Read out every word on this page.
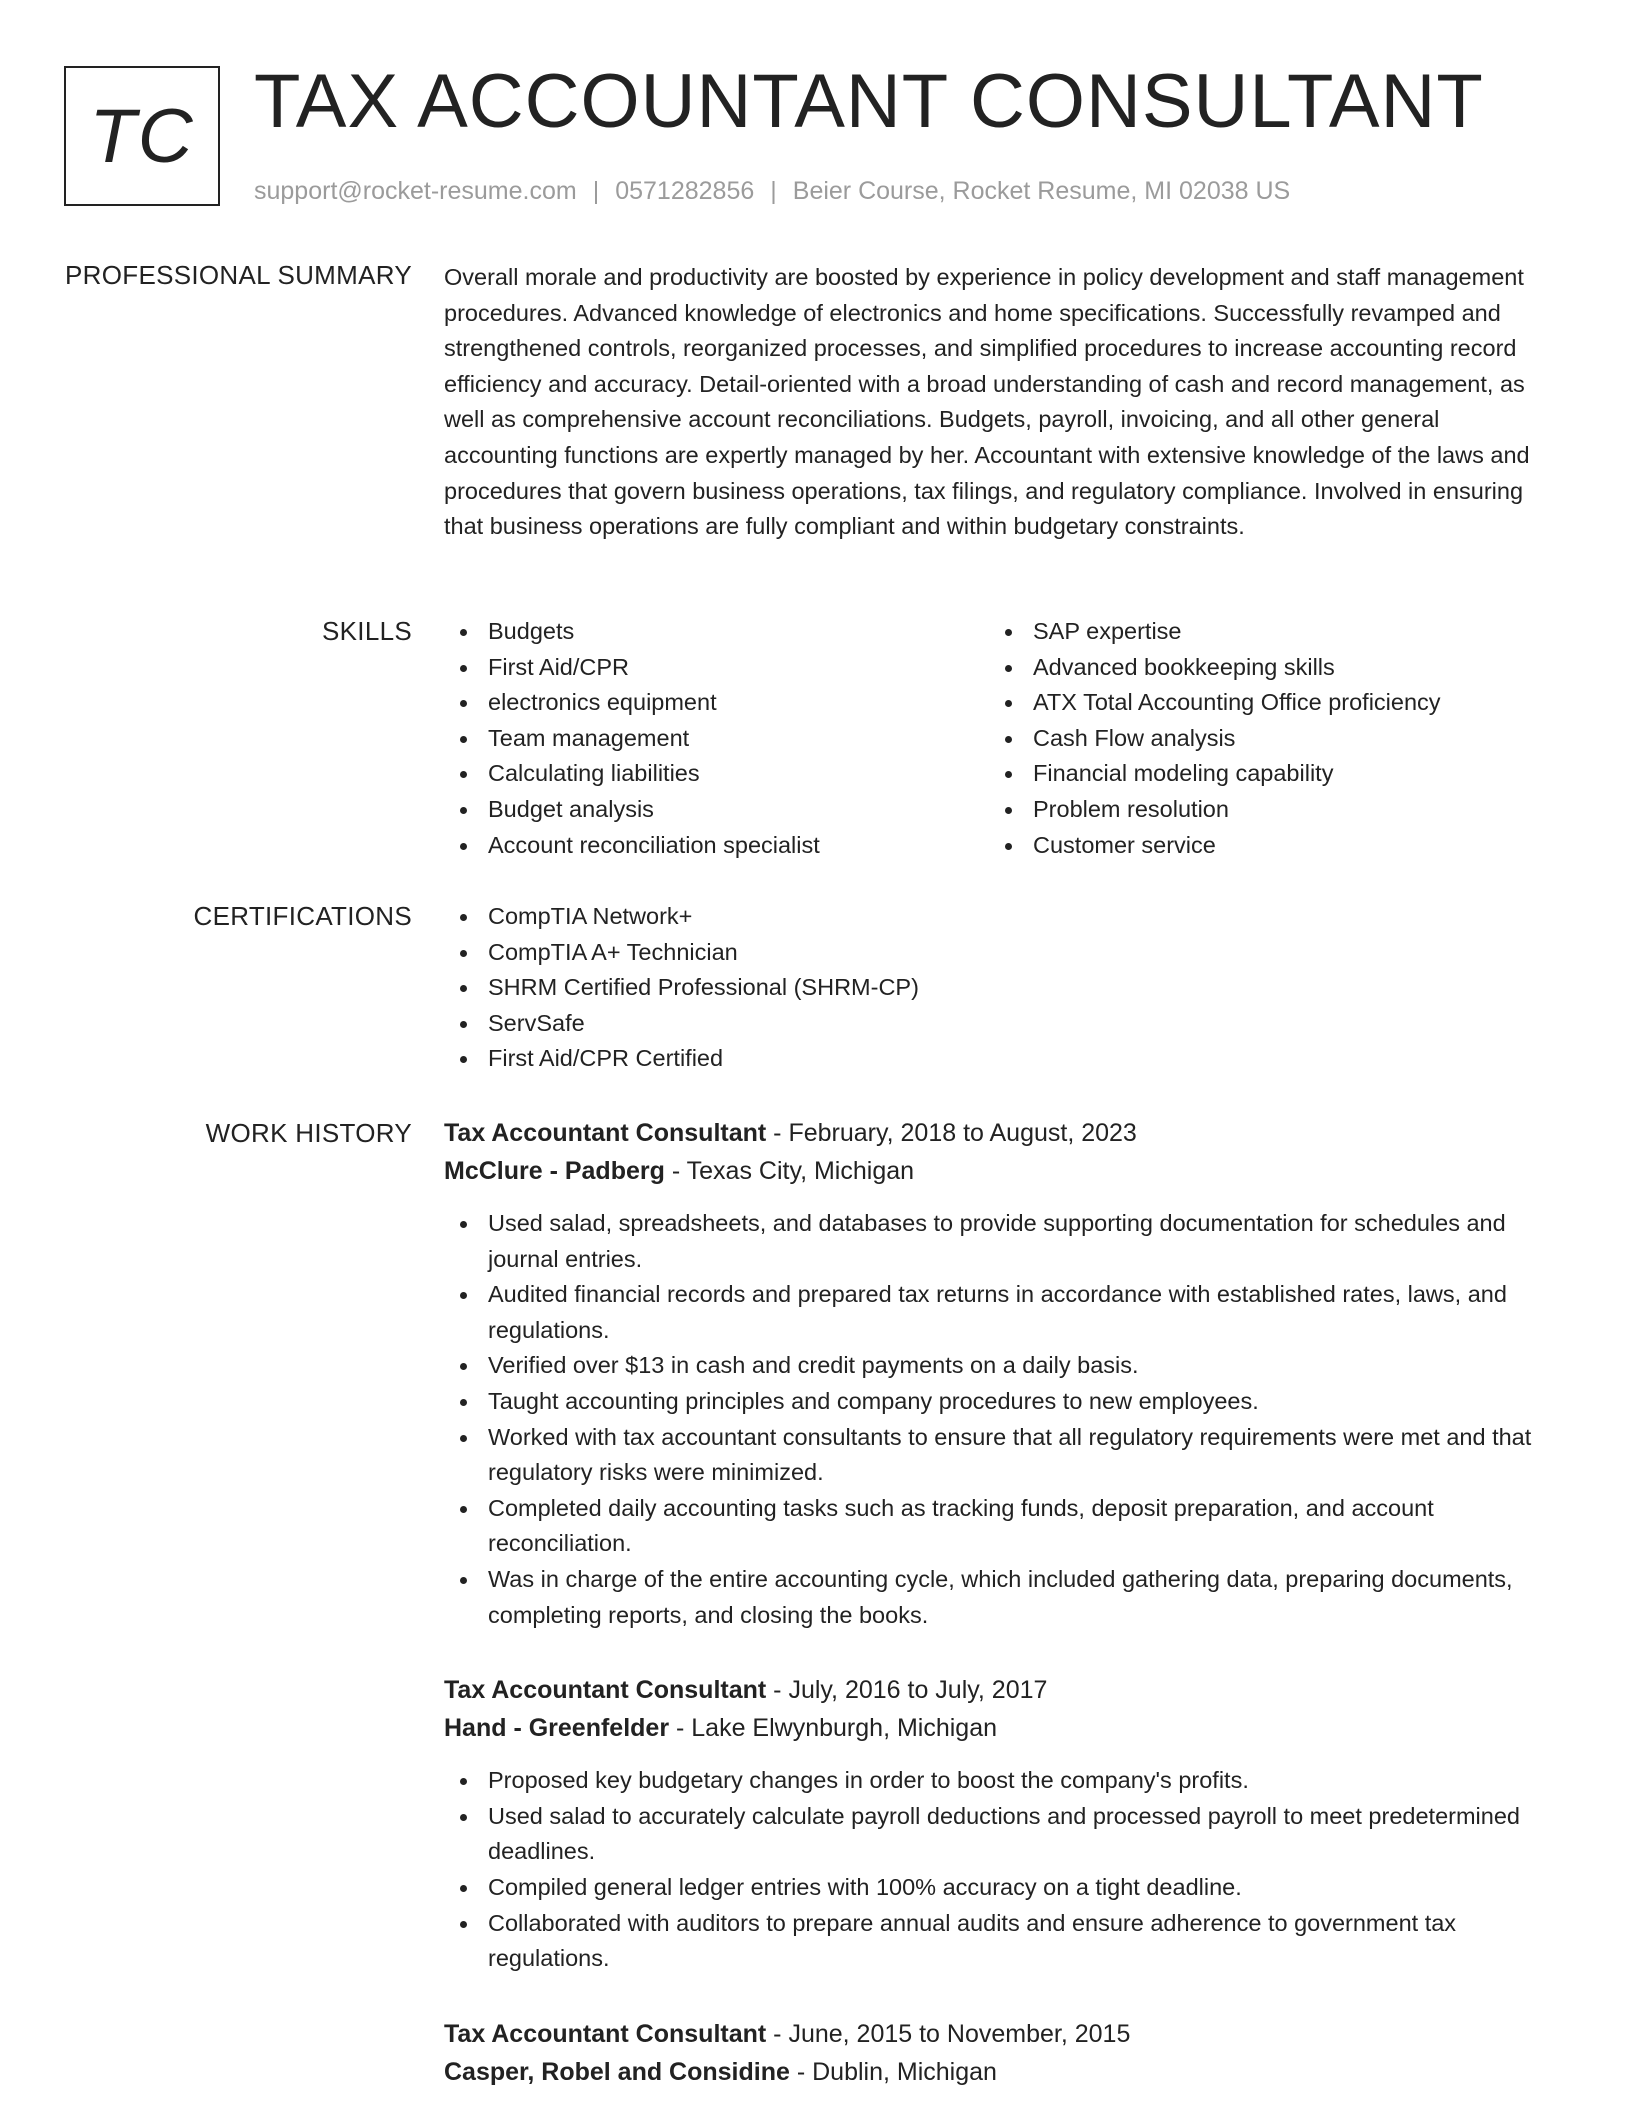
TC TAX ACCOUNTANT CONSULTANT
support@rocket-resume.com | 0571282856 | Beier Course, Rocket Resume, MI 02038 US
PROFESSIONAL SUMMARY Overall morale and productivity are boosted by experience in policy development and staff management procedures. Advanced knowledge of electronics and home specifications. Successfully revamped and strengthened controls, reorganized processes, and simplified procedures to increase accounting record efficiency and accuracy. Detail-oriented with a broad understanding of cash and record management, as well as comprehensive account reconciliations. Budgets, payroll, invoicing, and all other general accounting functions are expertly managed by her. Accountant with extensive knowledge of the laws and procedures that govern business operations, tax filings, and regulatory compliance. Involved in ensuring that business operations are fully compliant and within budgetary constraints.

SKILLS	Budgets
First Aid/CPR
electronics equipment
Team management
Calculating liabilities
Budget analysis
Account reconciliation specialist
SAP expertise
Advanced bookkeeping skills
ATX Total Accounting Office proficiency
Cash Flow analysis
Financial modeling capability
Problem resolution
Customer service
CERTIFICATIONS	CompTIA Network+
CompTIA A+ Technician
SHRM Certified Professional (SHRM-CP)
ServSafe
First Aid/CPR Certified
WORK HISTORY Tax Accountant Consultant - February, 2018 to August, 2023
McClure - Padberg - Texas City, Michigan
Used salad, spreadsheets, and databases to provide supporting documentation for schedules and journal entries.
Audited financial records and prepared tax returns in accordance with established rates, laws, and regulations.
Verified over $13 in cash and credit payments on a daily basis.
Taught accounting principles and company procedures to new employees.
Worked with tax accountant consultants to ensure that all regulatory requirements were met and that regulatory risks were minimized.
Completed daily accounting tasks such as tracking funds, deposit preparation, and account reconciliation.
Was in charge of the entire accounting cycle, which included gathering data, preparing documents, completing reports, and closing the books.
Tax Accountant Consultant - July, 2016 to July, 2017
Hand - Greenfelder - Lake Elwynburgh, Michigan
Proposed key budgetary changes in order to boost the company's profits.
Used salad to accurately calculate payroll deductions and processed payroll to meet predetermined deadlines.
Compiled general ledger entries with 100% accuracy on a tight deadline.
Collaborated with auditors to prepare annual audits and ensure adherence to government tax regulations.
Tax Accountant Consultant - June, 2015 to November, 2015
Casper, Robel and Considine - Dublin, Michigan
